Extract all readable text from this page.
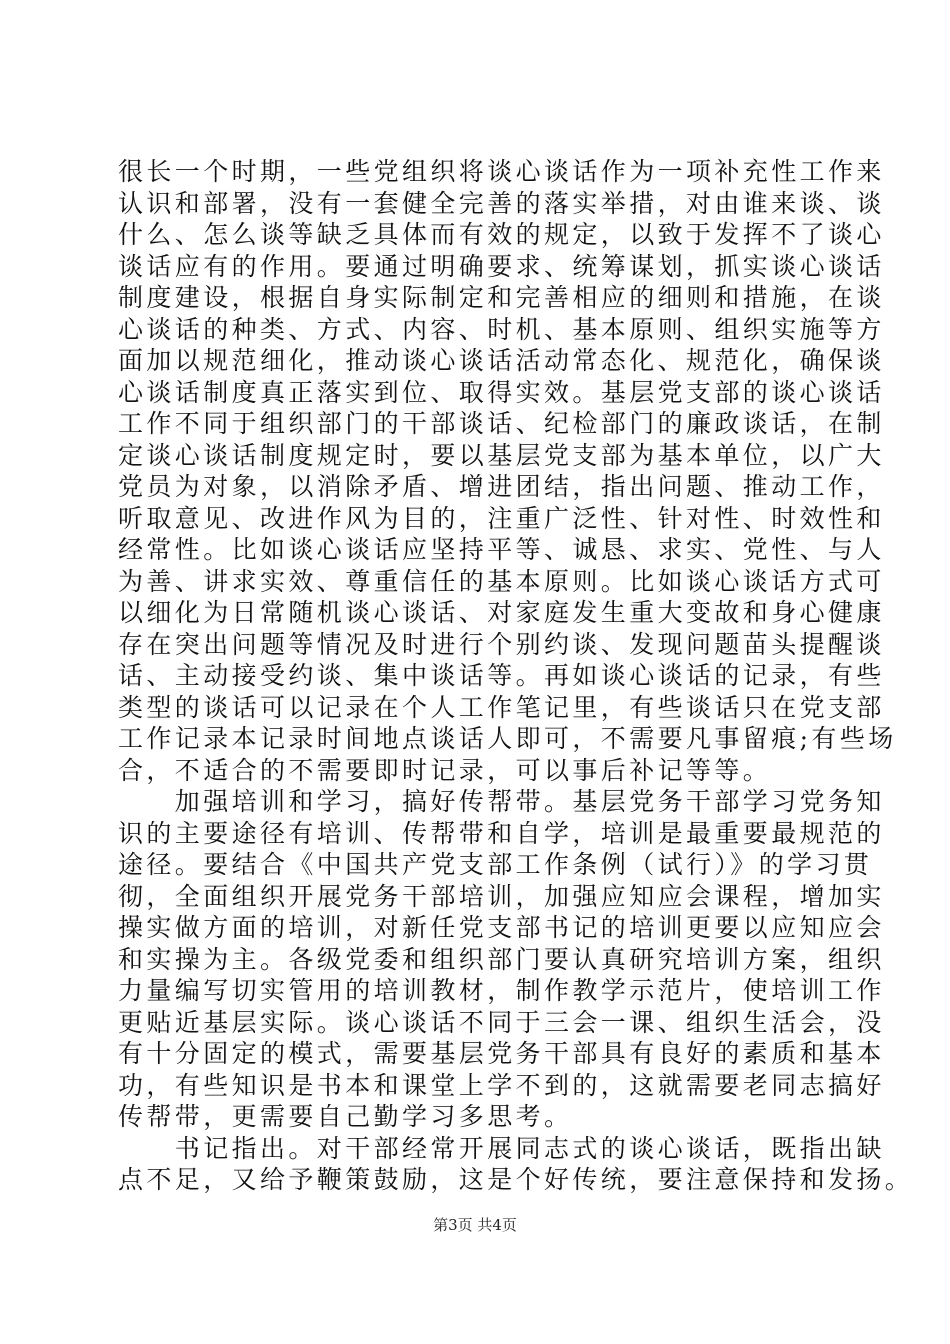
很长一个时期，一些党组织将谈心谈话作为一项补充性工作来
认识和部署，没有一套健全完善的落实举措，对由谁来谈、谈
什么、怎么谈等缺乏具体而有效的规定，以致于发挥不了谈心
谈话应有的作用。要通过明确要求、统筹谋划，抓实谈心谈话
制度建设，根据自身实际制定和完善相应的细则和措施，在谈
心谈话的种类、方式、内容、时机、基本原则、组织实施等方
面加以规范细化，推动谈心谈话活动常态化、规范化，确保谈
心谈话制度真正落实到位、取得实效。基层党支部的谈心谈话
工作不同于组织部门的干部谈话、纪检部门的廉政谈话，在制
定谈心谈话制度规定时，要以基层党支部为基本单位，以广大
党员为对象，以消除矛盾、增进团结，指出问题、推动工作，
听取意见、改进作风为目的，注重广泛性、针对性、时效性和
经常性。比如谈心谈话应坚持平等、诚恳、求实、党性、与人
为善、讲求实效、尊重信任的基本原则。比如谈心谈话方式可
以细化为日常随机谈心谈话、对家庭发生重大变故和身心健康
存在突出问题等情况及时进行个别约谈、发现问题苗头提醒谈
话、主动接受约谈、集中谈话等。再如谈心谈话的记录，有些
类型的谈话可以记录在个人工作笔记里，有些谈话只在党支部
工作记录本记录时间地点谈话人即可，不需要凡事留痕;有些场
合，不适合的不需要即时记录，可以事后补记等等。
　　加强培训和学习，搞好传帮带。基层党务干部学习党务知
识的主要途径有培训、传帮带和自学，培训是最重要最规范的
途径。要结合《中国共产党支部工作条例（试行）》的学习贯
彻，全面组织开展党务干部培训，加强应知应会课程，增加实
操实做方面的培训，对新任党支部书记的培训更要以应知应会
和实操为主。各级党委和组织部门要认真研究培训方案，组织
力量编写切实管用的培训教材，制作教学示范片，使培训工作
更贴近基层实际。谈心谈话不同于三会一课、组织生活会，没
有十分固定的模式，需要基层党务干部具有良好的素质和基本
功，有些知识是书本和课堂上学不到的，这就需要老同志搞好
传帮带，更需要自己勤学习多思考。
　　书记指出。对干部经常开展同志式的谈心谈话，既指出缺
点不足，又给予鞭策鼓励，这是个好传统，要注意保持和发扬。
第3页 共4页
